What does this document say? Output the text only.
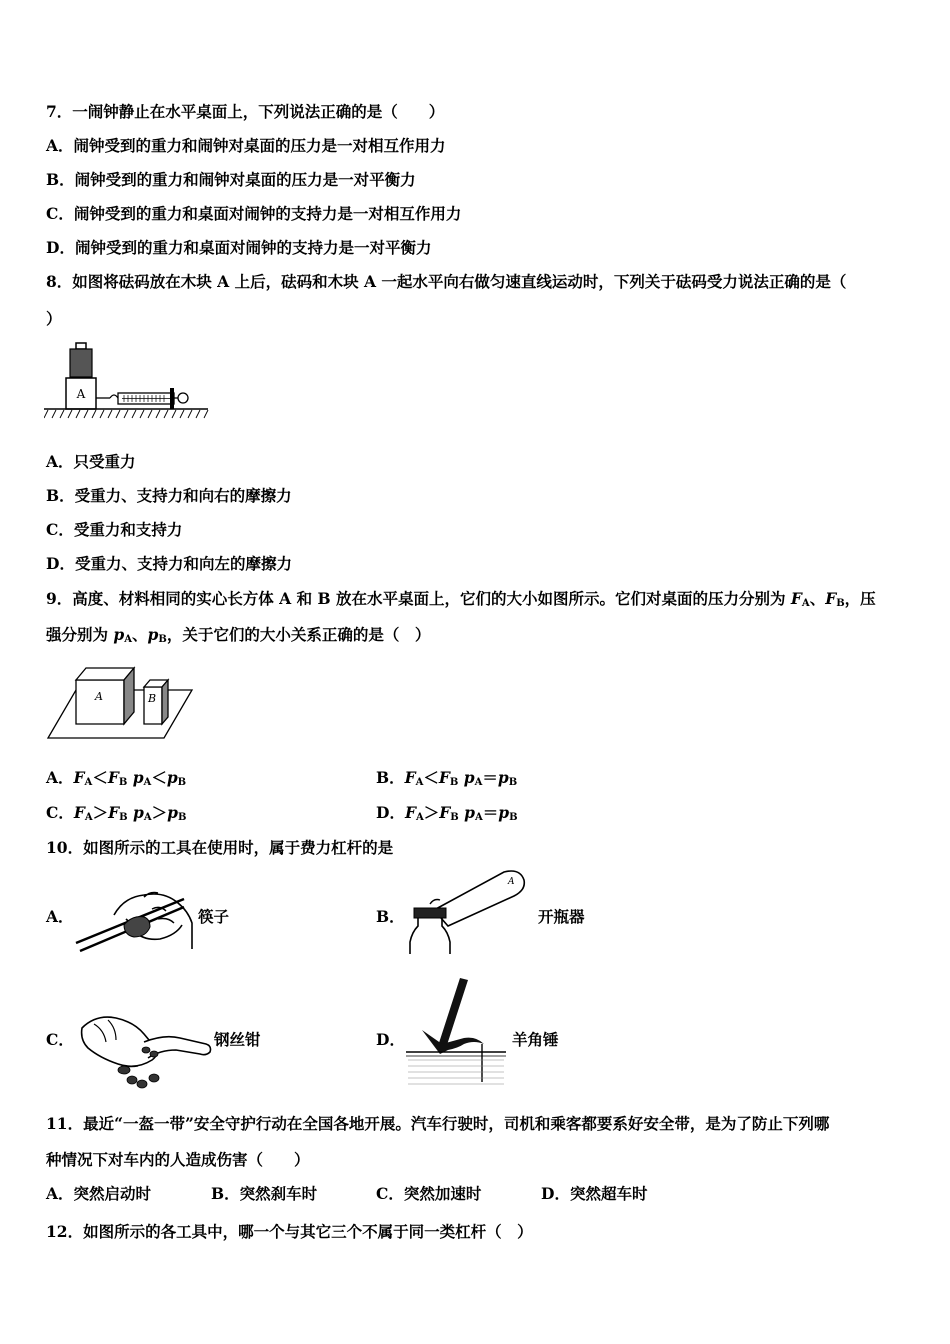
7．一闹钟静止在水平桌面上，下列说法正确的是（　　）
A．闹钟受到的重力和闹钟对桌面的压力是一对相互作用力
B．闹钟受到的重力和闹钟对桌面的压力是一对平衡力
C．闹钟受到的重力和桌面对闹钟的支持力是一对相互作用力
D．闹钟受到的重力和桌面对闹钟的支持力是一对平衡力
8．如图将砝码放在木块 A 上后，砝码和木块 A 一起水平向右做匀速直线运动时，下列关于砝码受力说法正确的是（
）
A
A．只受重力
B．受重力、支持力和向右的摩擦力
C．受重力和支持力
D．受重力、支持力和向左的摩擦力
9．高度、材料相同的实心长方体 A 和 B 放在水平桌面上，它们的大小如图所示。它们对桌面的压力分别为 $F_A$、$F_B$，压
强分别为 $p_A$、$p_B$，关于它们的大小关系正确的是（　）
A	B
A．$F_A<F_B$ $p_A<p_B$	B．$F_A<F_B$ $p_A=p_B$
C．$F_A>F_B$ $p_A>p_B$	D．$F_A>F_B$ $p_A=p_B$
10．如图所示的工具在使用时，属于费力杠杆的是
A．	筷子	B．
A
开瓶器
C．	钢丝钳	D．	羊角锤
11．最近“一盔一带”安全守护行动在全国各地开展。汽车行驶时，司机和乘客都要系好安全带，是为了防止下列哪
种情况下对车内的人造成伤害（　　）
A．突然启动时	B．突然刹车时	C．突然加速时	D．突然超车时
12．如图所示的各工具中，哪一个与其它三个不属于同一类杠杆（　）
